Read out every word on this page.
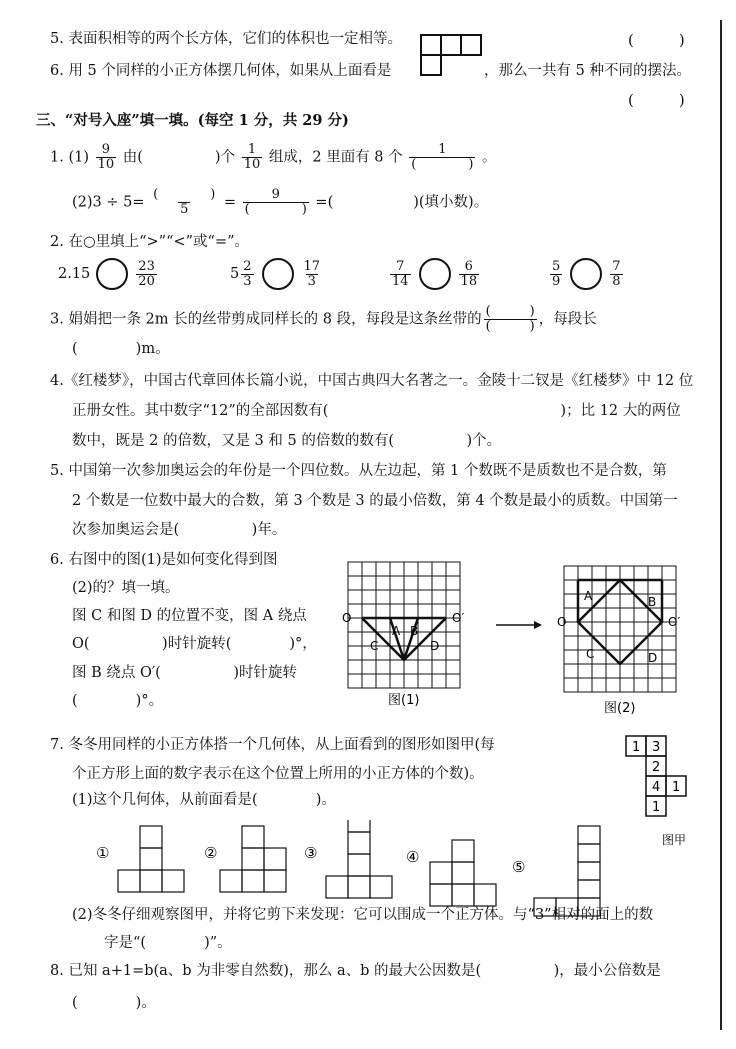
5. 表面积相等的两个长方体，它们的体积也一定相等。	(　　　)
6. 用 5 个同样的小正方体摆几何体，如果从上面看是	，那么一共有 5 种不同的摆法。
(　　　)
三、“对号入座”填一填。(每空 1 分，共 29 分)
1. $(1) \frac{9}{10}$ 由(	)个 $\frac{1}{10}$ 组成，2 里面有 8 个 $\frac{1}{( )}$ 。
$(2)3 \div 5= \frac{( )}{5} = \frac{9}{( )}$ =(	)(填小数)。
2. 在○里填上“>”“<”或“=”。
2.15	$\frac{23}{20}$	$5 \frac{2}{3}$	$\frac{17}{3}$	$\frac{7}{14}$	$\frac{6}{18}$	$\frac{5}{9}$	$\frac{7}{8}$
3. 娟娟把一条 2m 长的丝带剪成同样长的 8 段，每段是这条丝带的 $\frac{( )}{( )}$ ，每段长
(　　　　)m。
4.《红楼梦》，中国古代章回体长篇小说，中国古典四大名著之一。金陵十二钗是《红楼梦》中 12 位
正册女性。其中数字“12”的全部因数有(　　　　　　　　　　　　　　　　)；比 12 大的两位
数中，既是 2 的倍数，又是 3 和 5 的倍数的数有(　　　　　)个。
5. 中国第一次参加奥运会的年份是一个四位数。从左边起，第 1 个数既不是质数也不是合数，第
2 个数是一位数中最大的合数，第 3 个数是 3 的最小倍数，第 4 个数是最小的质数。中国第一
次参加奥运会是(　　　　　)年。
6. 右图中的图(1)是如何变化得到图
(2)的？填一填。
图 C 和图 D 的位置不变，图 A 绕点
O(　　　　　)时针旋转(　　　　)°，
图 B 绕点 O′(　　　　　)时针旋转
(　　　　)°。
O	O′
A B
C	D
图(1)
O	O′
A	B
C	D
图(2)
7. 冬冬用同样的小正方体搭一个几何体，从上面看到的图形如图甲(每
个正方形上面的数字表示在这个位置上所用的小正方体的个数)。
(1)这个几何体，从前面看是(　　　　)。
1 3
2
4 1
1
图甲
①	②	③	④
⑤
(2)冬冬仔细观察图甲，并将它剪下来发现：它可以围成一个正方体。与“3”相对的面上的数
字是“(　　　　)”。
8. 已知 a+1=b(a、b 为非零自然数)，那么 a、b 的最大公因数是(　　　　　)，最小公倍数是
(　　　　)。
